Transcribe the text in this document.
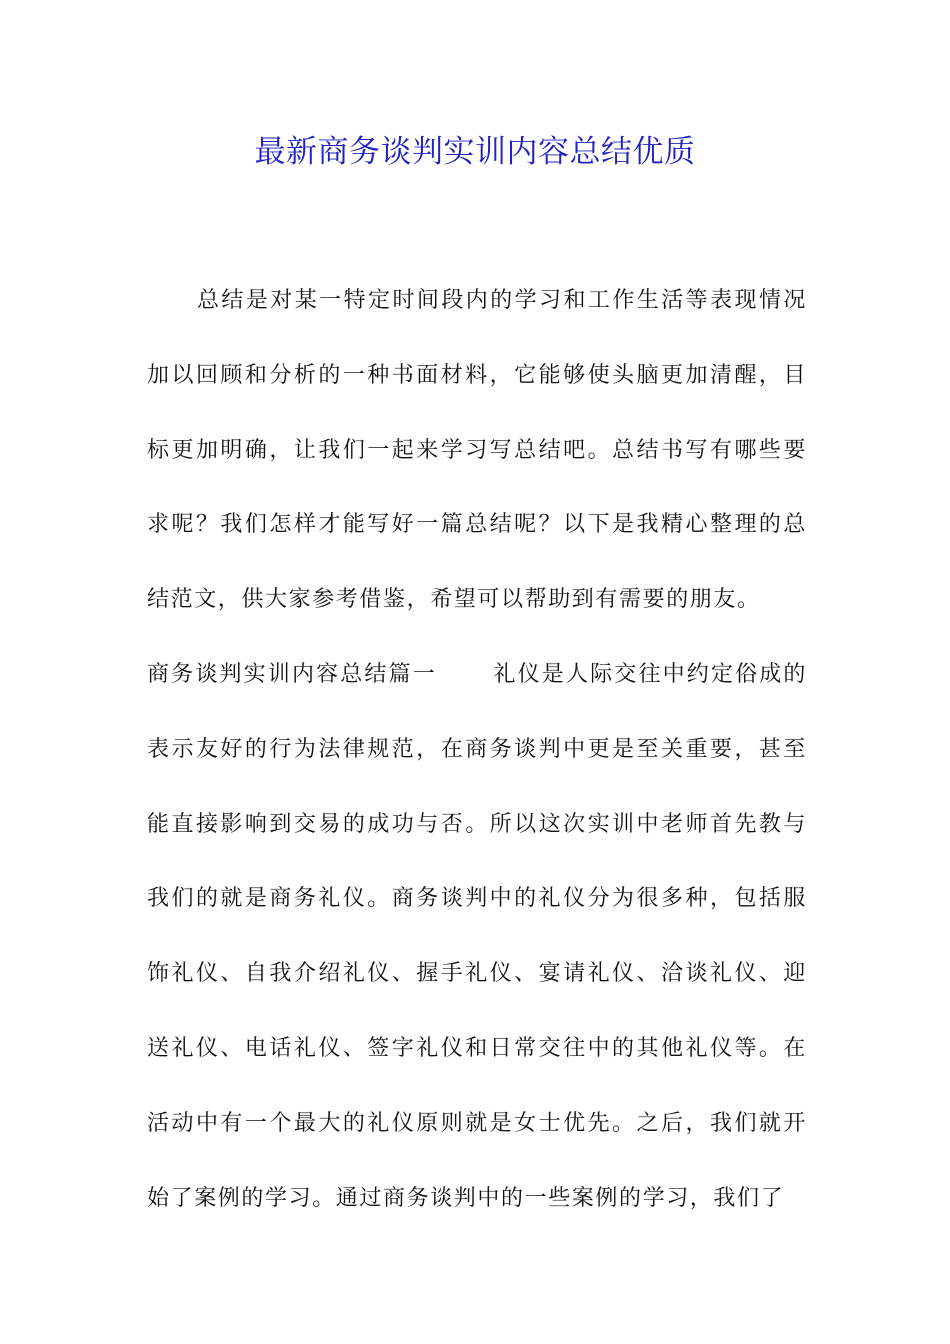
最新商务谈判实训内容总结优质

总结是对某一特定时间段内的学习和工作生活等表现情况加以回顾和分析的一种书面材料，它能够使头脑更加清醒，目标更加明确，让我们一起来学习写总结吧。总结书写有哪些要求呢？我们怎样才能写好一篇总结呢？以下是我精心整理的总结范文，供大家参考借鉴，希望可以帮助到有需要的朋友。

商务谈判实训内容总结篇一	礼仪是人际交往中约定俗成的表示友好的行为法律规范，在商务谈判中更是至关重要，甚至能直接影响到交易的成功与否。所以这次实训中老师首先教与我们的就是商务礼仪。商务谈判中的礼仪分为很多种，包括服饰礼仪、自我介绍礼仪、握手礼仪、宴请礼仪、洽谈礼仪、迎送礼仪、电话礼仪、签字礼仪和日常交往中的其他礼仪等。在活动中有一个最大的礼仪原则就是女士优先。之后，我们就开始了案例的学习。通过商务谈判中的一些案例的学习，我们了
